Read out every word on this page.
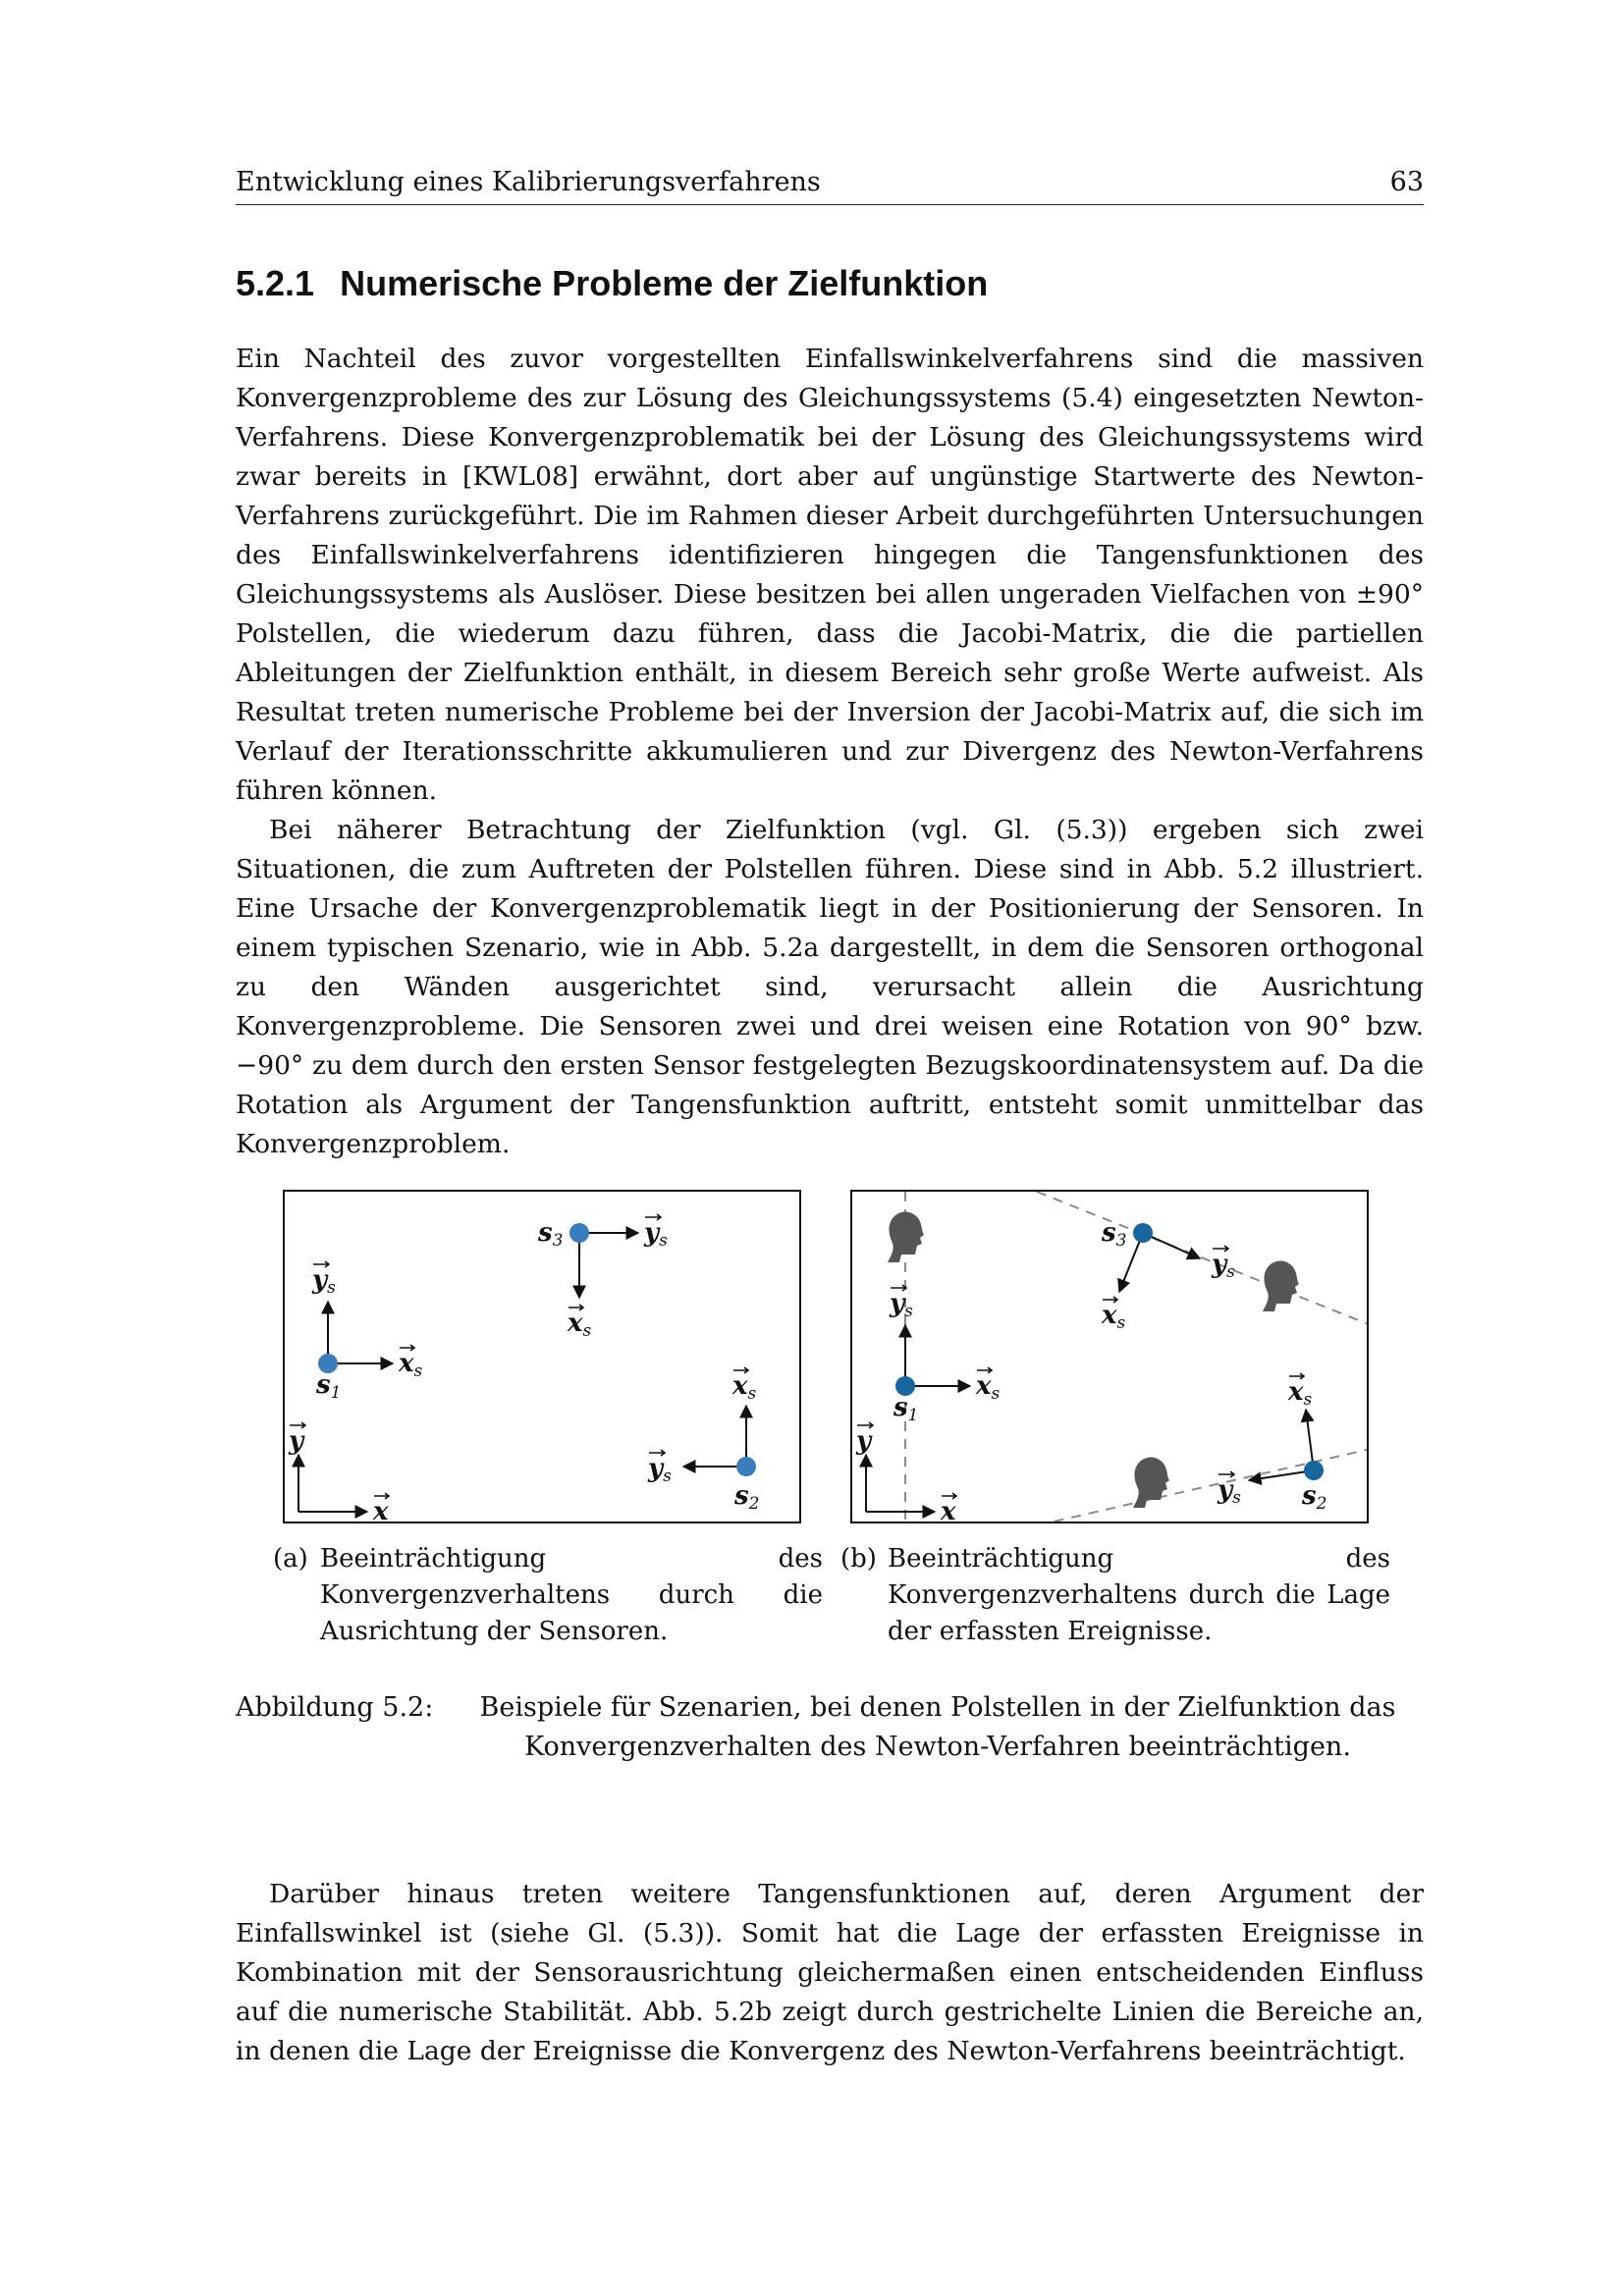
Entwicklung eines Kalibrierungsverfahrens	63
5.2.1 Numerische Probleme der Zielfunktion

Ein Nachteil des zuvor vorgestellten Einfallswinkelverfahrens sind die massiven Konvergenzprobleme des zur Lösung des Gleichungssystems (5.4) eingesetzten Newton-Verfahrens. Diese Konvergenzproblematik bei der Lösung des Gleichungssystems wird zwar bereits in [KWL08] erwähnt, dort aber auf ungünstige Startwerte des Newton-Verfahrens zurückgeführt. Die im Rahmen dieser Arbeit durchgeführten Untersuchungen des Einfallswinkelverfahrens identifizieren hingegen die Tangensfunktionen des Gleichungssystems als Auslöser. Diese besitzen bei allen ungeraden Vielfachen von ±90° Polstellen, die wiederum dazu führen, dass die Jacobi-Matrix, die die partiellen Ableitungen der Zielfunktion enthält, in diesem Bereich sehr große Werte aufweist. Als Resultat treten numerische Probleme bei der Inversion der Jacobi-Matrix auf, die sich im Verlauf der Iterationsschritte akkumulieren und zur Divergenz des Newton-Verfahrens führen können.

Bei näherer Betrachtung der Zielfunktion (vgl. Gl. (5.3)) ergeben sich zwei Situationen, die zum Auftreten der Polstellen führen. Diese sind in Abb. 5.2 illustriert. Eine Ursache der Konvergenzproblematik liegt in der Positionierung der Sensoren. In einem typischen Szenario, wie in Abb. 5.2a dargestellt, in dem die Sensoren orthogonal zu den Wänden ausgerichtet sind, verursacht allein die Ausrichtung Konvergenzprobleme. Die Sensoren zwei und drei weisen eine Rotation von 90° bzw. −90° zu dem durch den ersten Sensor festgelegten Bezugskoordinatensystem auf. Da die Rotation als Argument der Tangensfunktion auftritt, entsteht somit unmittelbar das Konvergenzproblem.

x
y
xs
ys
s1
ys
xs
s3
xs
ys
s2	x
y
xs
ys
s1
ys
xs
s3
xs
ys s2
(a) Beeinträchtigung des Konvergenzverhaltens durch die Ausrichtung der Sensoren.
(b) Beeinträchtigung des Konvergenzverhaltens durch die Lage der erfassten Ereignisse.
Abbildung 5.2:	Beispiele für Szenarien, bei denen Polstellen in der Zielfunktion das Konvergenzverhalten des Newton-Verfahren beeinträchtigen.

Darüber hinaus treten weitere Tangensfunktionen auf, deren Argument der Einfallswinkel ist (siehe Gl. (5.3)). Somit hat die Lage der erfassten Ereignisse in Kombination mit der Sensorausrichtung gleichermaßen einen entscheidenden Einfluss auf die numerische Stabilität. Abb. 5.2b zeigt durch gestrichelte Linien die Bereiche an, in denen die Lage der Ereignisse die Konvergenz des Newton-Verfahrens beeinträchtigt.
